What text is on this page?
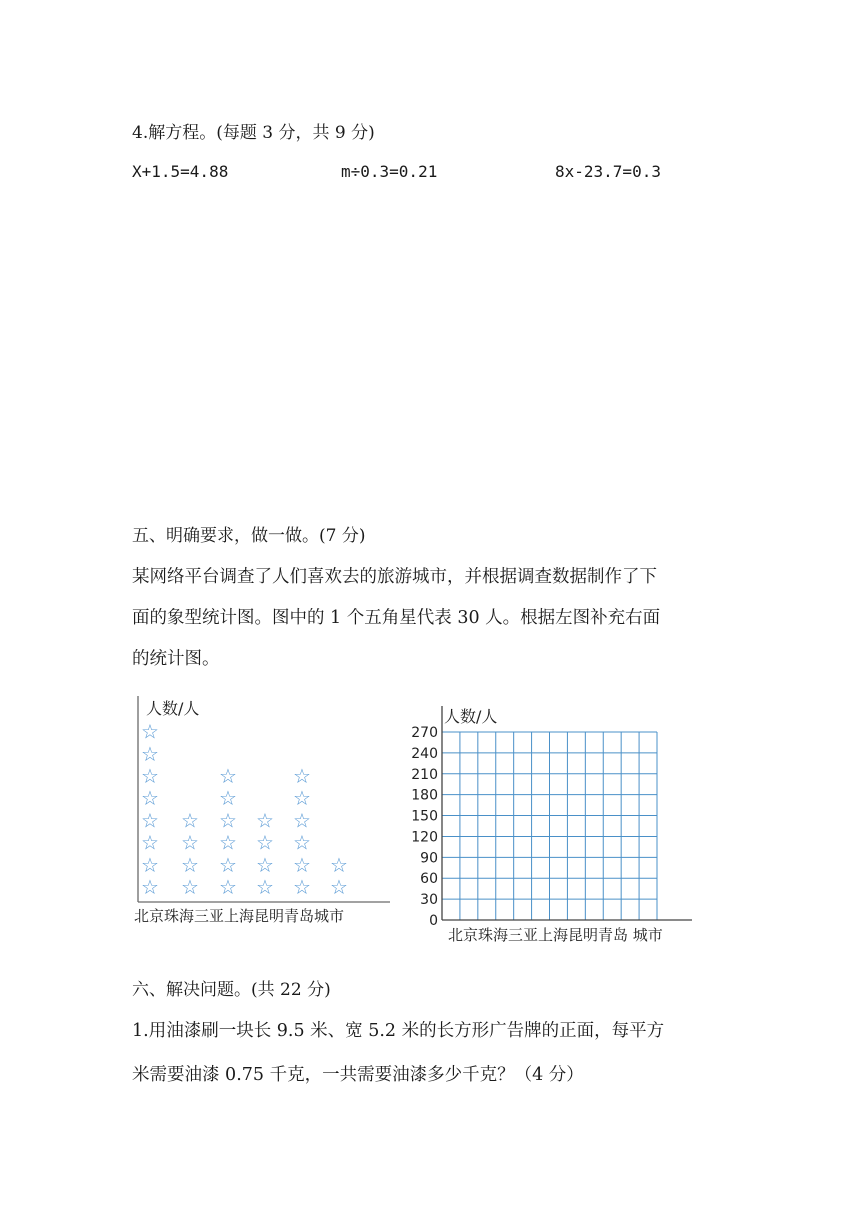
4.解方程。(每题 3 分，共 9 分)
X+1.5=4.88	m÷0.3=0.21	8x-23.7=0.3
五、明确要求，做一做。(7 分)
某网络平台调查了人们喜欢去的旅游城市，并根据调查数据制作了下
面的象型统计图。图中的 1 个五角星代表 30 人。根据左图补充右面
的统计图。
人数/人
☆
☆
☆
☆
☆
☆
☆
☆
☆
☆
☆
☆
☆
☆
☆
☆
☆
☆
☆
☆
☆
☆
☆
☆
☆
☆
☆
☆
☆
☆
北京珠海三亚上海昆明青岛城市
270
240
210
180
150
120
90
60
30
0
人数/人
北京珠海三亚上海昆明青岛 城市
六、解决问题。(共 22 分)
1.用油漆刷一块长 9.5 米、宽 5.2 米的长方形广告牌的正面，每平方
米需要油漆 0.75 千克，一共需要油漆多少千克？（4 分）
